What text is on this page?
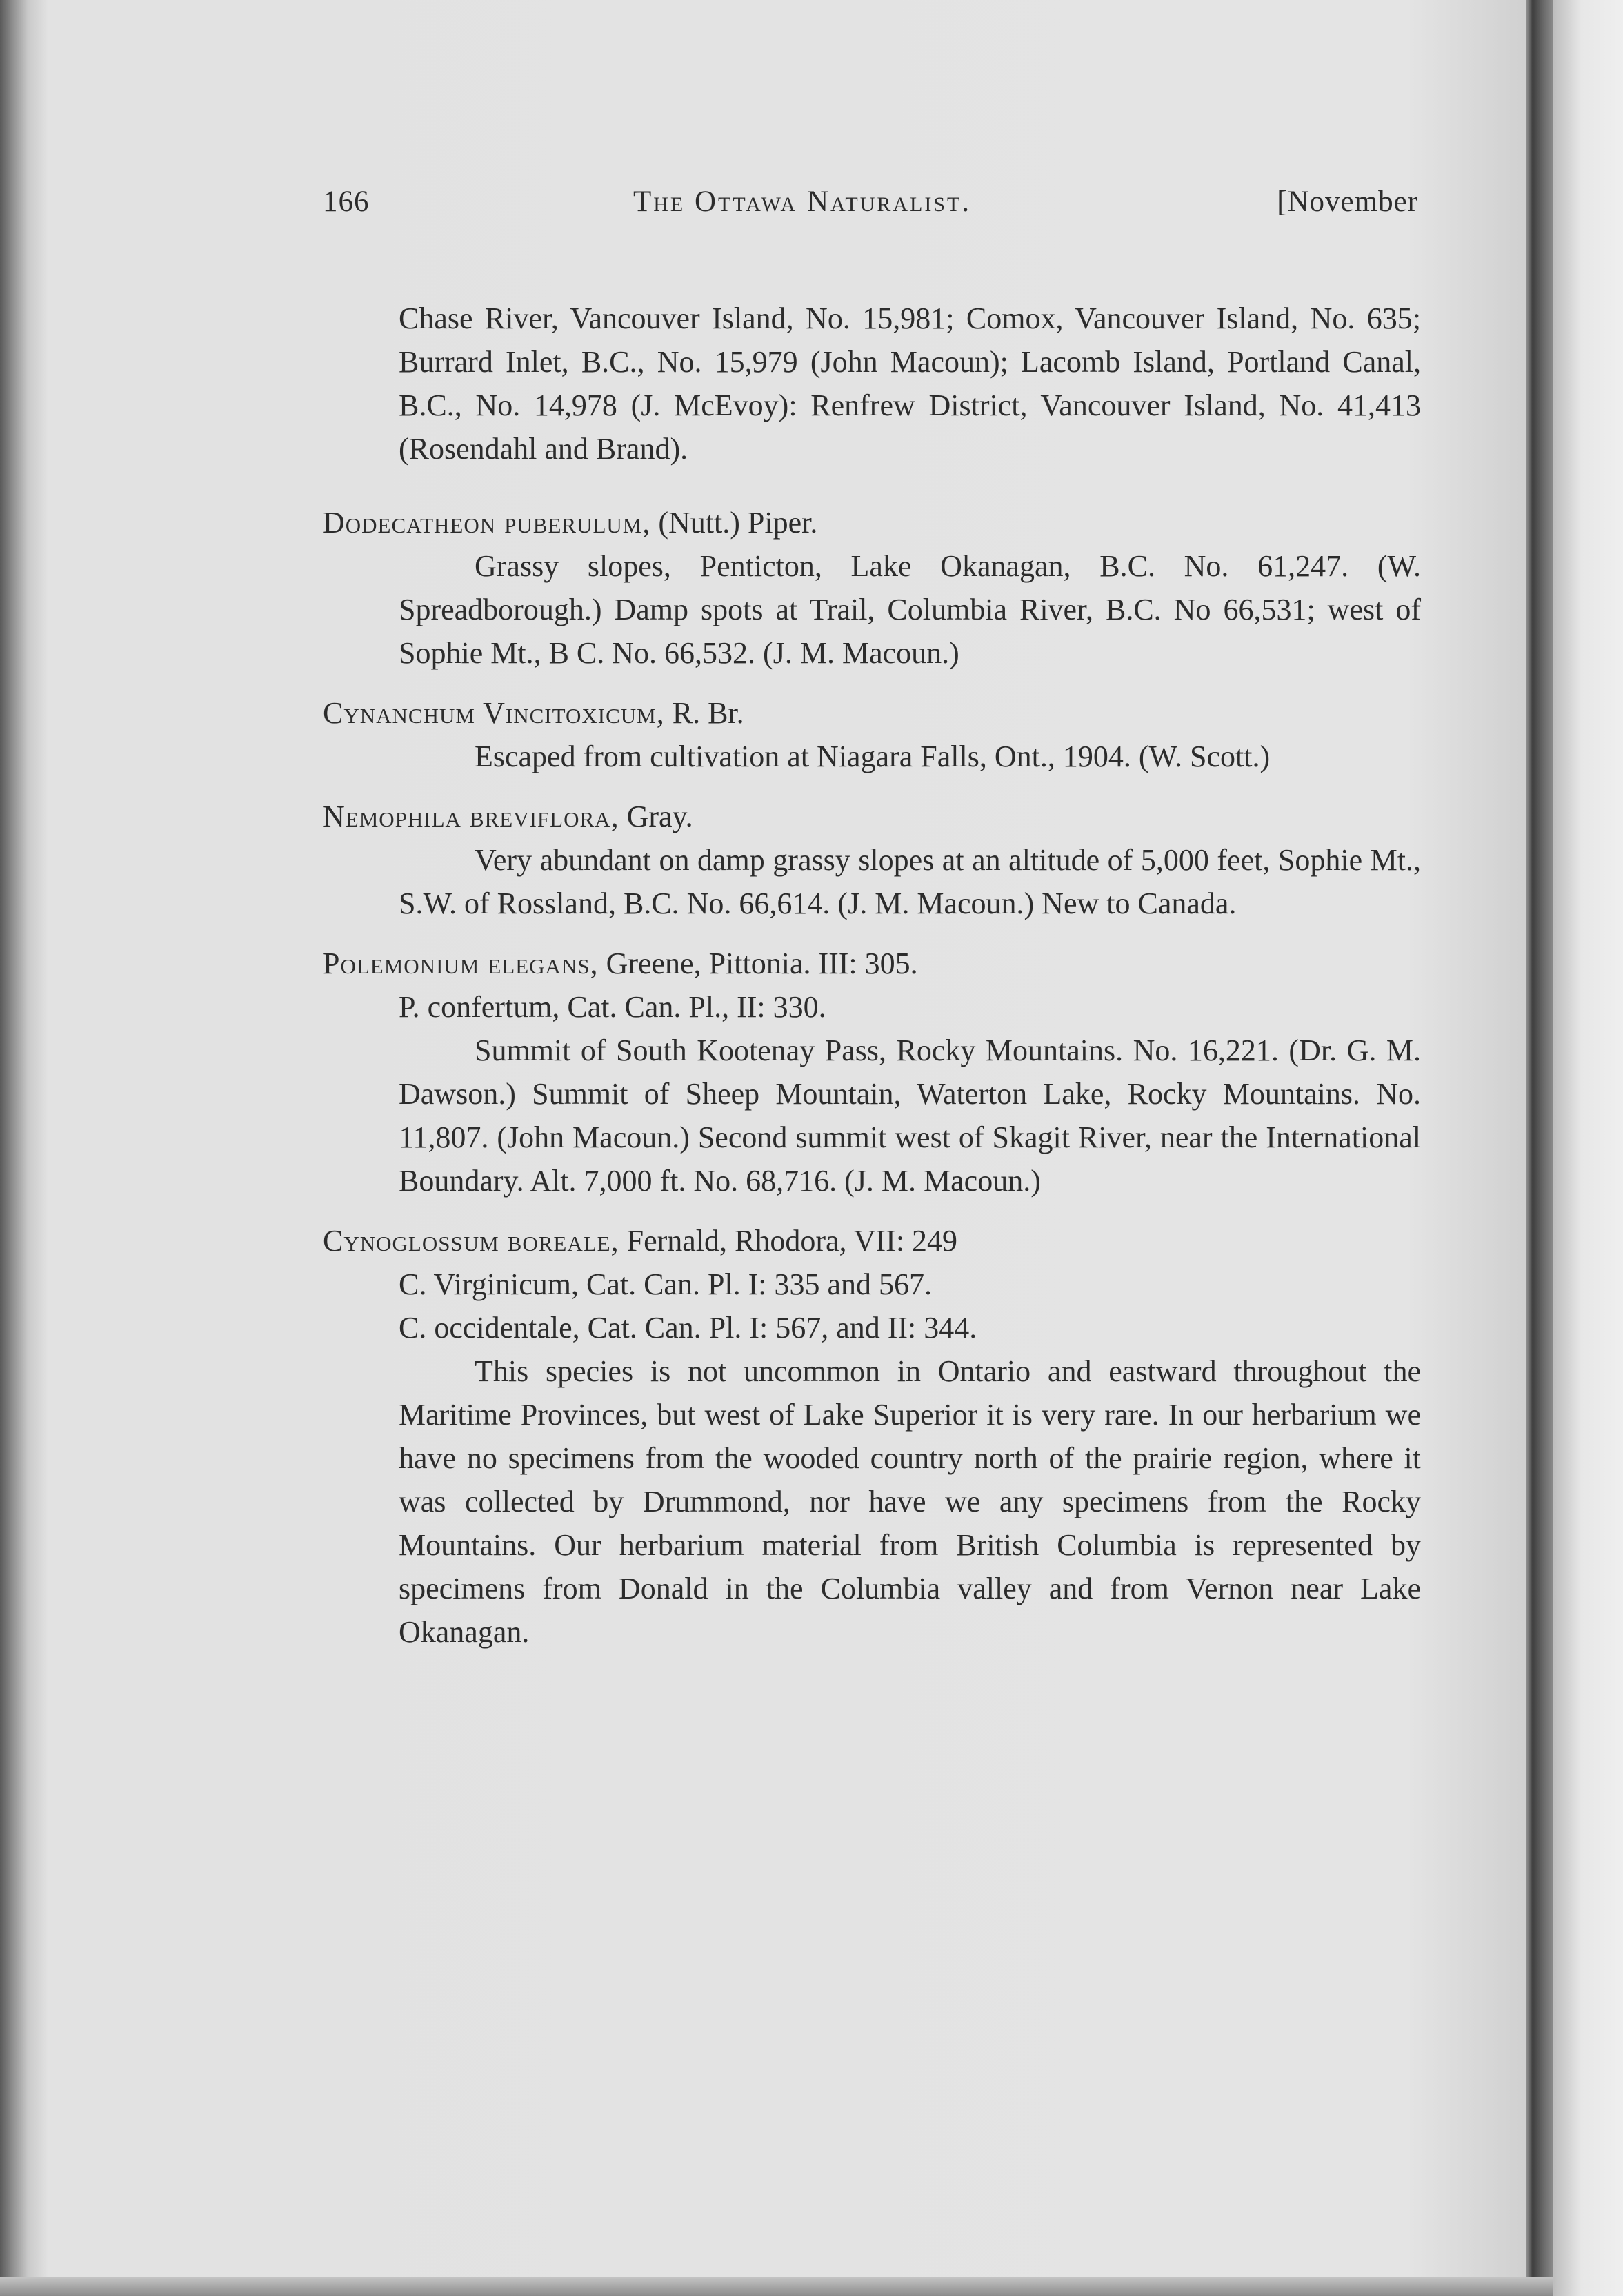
166	The Ottawa Naturalist.	[November

Chase River, Vancouver Island, No. 15,981; Comox, Vancouver Island, No. 635; Burrard Inlet, B.C., No. 15,979 (John Macoun); Lacomb Island, Portland Canal, B.C., No. 14,978 (J. McEvoy): Renfrew District, Vancouver Island, No. 41,413 (Rosendahl and Brand).

Dodecatheon puberulum, (Nutt.) Piper.

Grassy slopes, Penticton, Lake Okanagan, B.C. No. 61,247. (W. Spreadborough.) Damp spots at Trail, Columbia River, B.C. No 66,531; west of Sophie Mt., B C. No. 66,532. (J. M. Macoun.)

Cynanchum Vincitoxicum, R. Br.

Escaped from cultivation at Niagara Falls, Ont., 1904. (W. Scott.)

Nemophila breviflora, Gray.

Very abundant on damp grassy slopes at an altitude of 5,000 feet, Sophie Mt., S.W. of Rossland, B.C. No. 66,614. (J. M. Macoun.) New to Canada.

Polemonium elegans, Greene, Pittonia. III: 305.

P. confertum, Cat. Can. Pl., II: 330.

Summit of South Kootenay Pass, Rocky Mountains. No. 16,221. (Dr. G. M. Dawson.) Summit of Sheep Mountain, Waterton Lake, Rocky Mountains. No. 11,807. (John Macoun.) Second summit west of Skagit River, near the International Boundary. Alt. 7,000 ft. No. 68,716. (J. M. Macoun.)

Cynoglossum boreale, Fernald, Rhodora, VII: 249

C. Virginicum, Cat. Can. Pl. I: 335 and 567.

C. occidentale, Cat. Can. Pl. I: 567, and II: 344.

This species is not uncommon in Ontario and eastward throughout the Maritime Provinces, but west of Lake Superior it is very rare. In our herbarium we have no specimens from the wooded country north of the prairie region, where it was collected by Drummond, nor have we any specimens from the Rocky Mountains. Our herbarium material from British Columbia is represented by specimens from Donald in the Columbia valley and from Vernon near Lake Okanagan.
